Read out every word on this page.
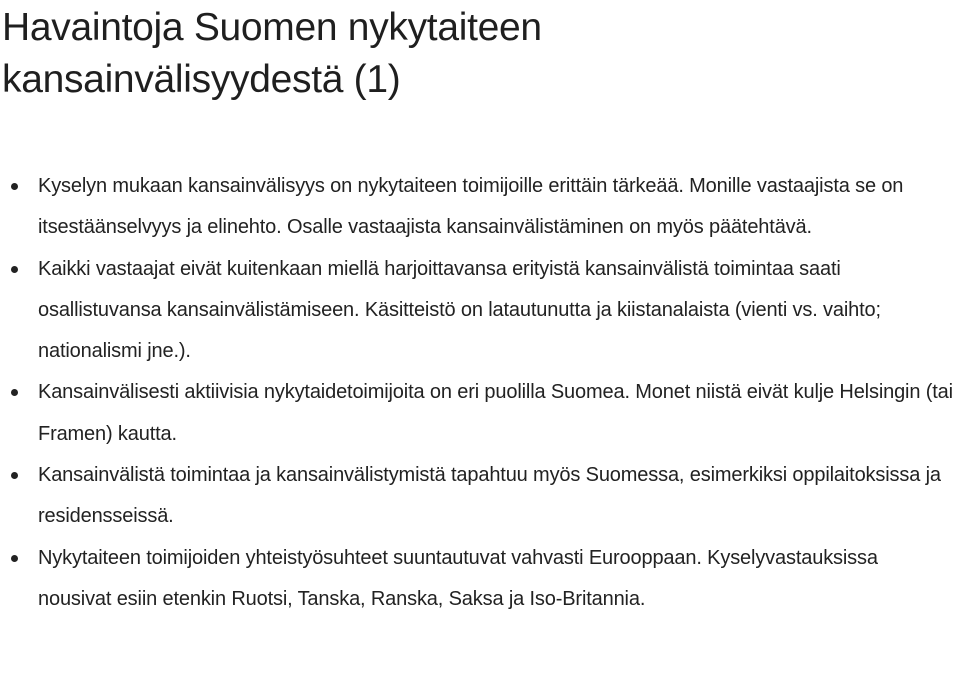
Havaintoja Suomen nykytaiteen
kansainvälisyydestä (1)
Kyselyn mukaan kansainvälisyys on nykytaiteen toimijoille erittäin tärkeää. Monille vastaajista se on itsestäänselvyys ja elinehto. Osalle vastaajista kansainvälistäminen on myös päätehtävä.
Kaikki vastaajat eivät kuitenkaan miellä harjoittavansa erityistä kansainvälistä toimintaa saati osallistuvansa kansainvälistämiseen. Käsitteistö on latautunutta ja kiistanalaista (vienti vs. vaihto; nationalismi jne.).
Kansainvälisesti aktiivisia nykytaidetoimijoita on eri puolilla Suomea. Monet niistä eivät kulje Helsingin (tai Framen) kautta.
Kansainvälistä toimintaa ja kansainvälistymistä tapahtuu myös Suomessa, esimerkiksi oppilaitoksissa ja residensseissä.
Nykytaiteen toimijoiden yhteistyösuhteet suuntautuvat vahvasti Eurooppaan. Kyselyvastauksissa nousivat esiin etenkin Ruotsi, Tanska, Ranska, Saksa ja Iso-Britannia.
